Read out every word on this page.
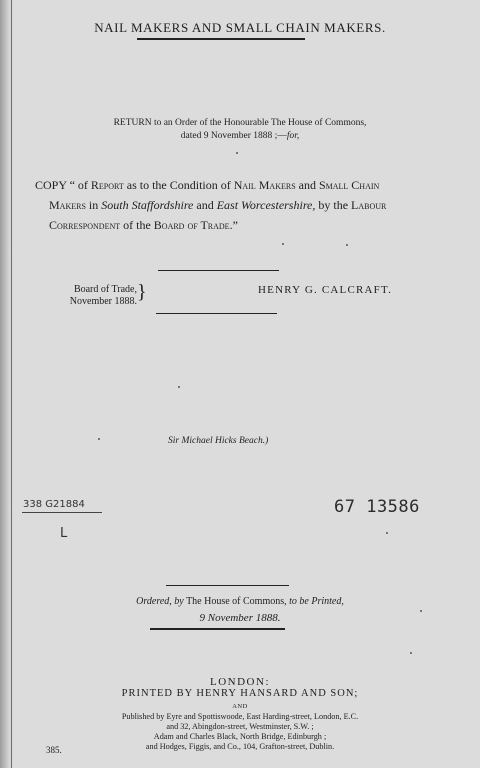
NAIL MAKERS AND SMALL CHAIN MAKERS.
RETURN to an Order of the Honourable The House of Commons,
dated 9 November 1888 ;—for,
COPY “ of Report as to the Condition of Nail Makers and Small Chain
Makers in South Staffordshire and East Worcestershire, by the Labour
Correspondent of the Board of Trade.”
Board of Trade,
November 1888. }	HENRY G. CALCRAFT.
Sir Michael Hicks Beach.)
338 G21884
L
67 13586
Ordered, by The House of Commons, to be Printed,
9 November 1888.
LONDON:
PRINTED BY HENRY HANSARD AND SON;
AND
Published by Eyre and Spottiswoode, East Harding-street, London, E.C.
and 32, Abingdon-street, Westminster, S.W. ;
Adam and Charles Black, North Bridge, Edinburgh ;
and Hodges, Figgis, and Co., 104, Grafton-street, Dublin.
385.
